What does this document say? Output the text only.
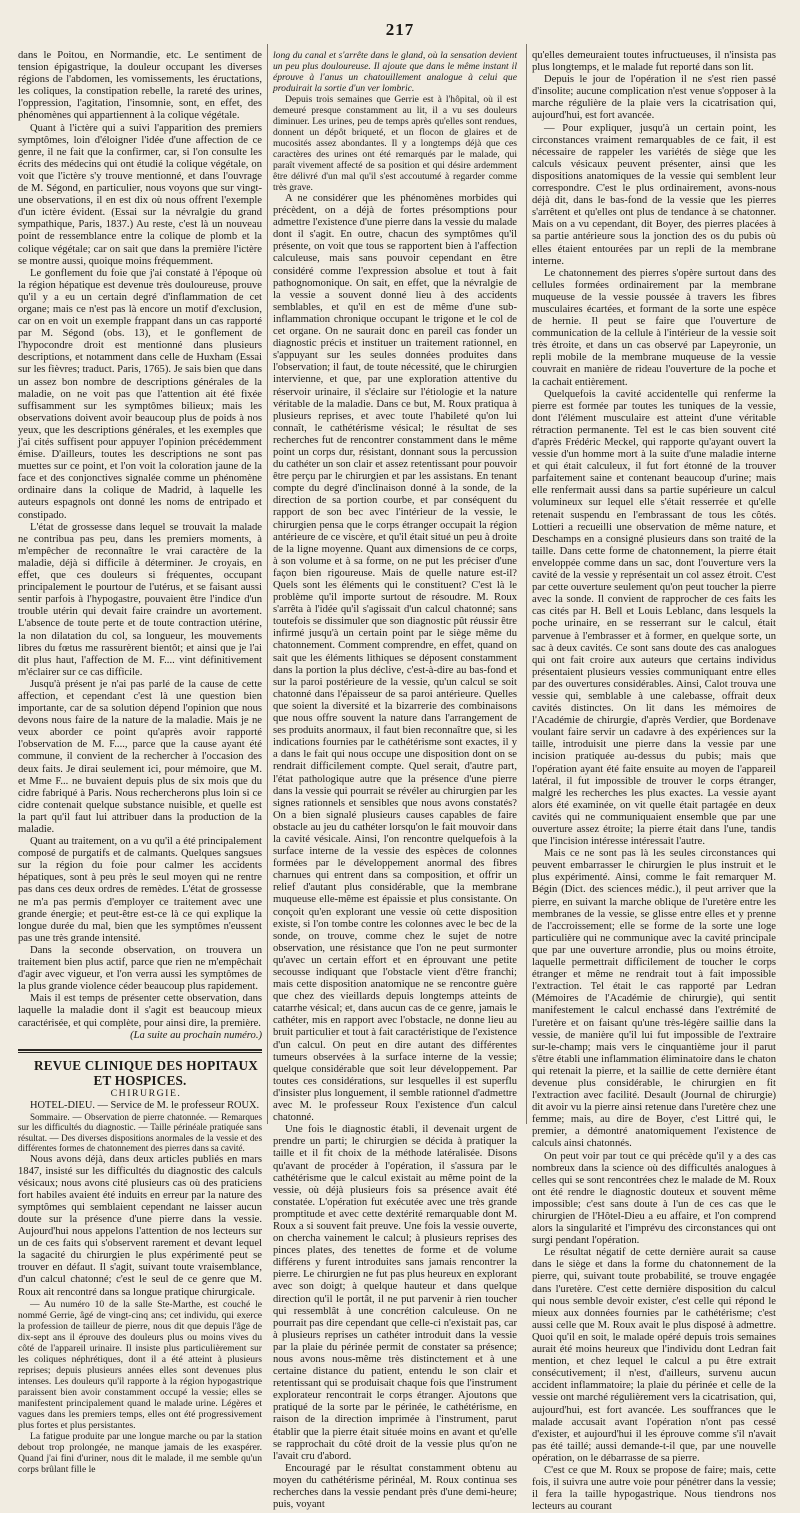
217

dans le Poitou, en Normandie, etc. Le sentiment de tension épigastrique, la douleur occupant les diverses régions de l'abdomen, les vomissements, les éructations, les coliques, la constipation rebelle, la rareté des urines, l'oppression, l'agitation, l'insomnie, sont, en effet, des phénomènes qui appartiennent à la colique végétale.

Quant à l'ictère qui a suivi l'apparition des premiers symptômes, loin d'éloigner l'idée d'une affection de ce genre, il ne fait que la confirmer, car, si l'on consulte les écrits des médecins qui ont étudié la colique végétale, on voit que l'ictère s'y trouve mentionné, et dans l'ouvrage de M. Ségond, en particulier, nous voyons que sur vingt-une observations, il en est dix où nous offrent l'exemple d'un ictère évident. (Essai sur la névralgie du grand sympathique, Paris, 1837.) Au reste, c'est là un nouveau point de ressemblance entre la colique de plomb et la colique végétale; car on sait que dans la première l'ictère se montre aussi, quoique moins fréquemment.

Le gonflement du foie que j'ai constaté à l'époque où la région hépatique est devenue très douloureuse, prouve qu'il y a eu un certain degré d'inflammation de cet organe; mais ce n'est pas là encore un motif d'exclusion, car on en voit un exemple frappant dans un cas rapporté par M. Ségond (obs. 13), et le gonflement de l'hypocondre droit est mentionné dans plusieurs descriptions, et notamment dans celle de Huxham (Essai sur les fièvres; traduct. Paris, 1765). Je sais bien que dans un assez bon nombre de descriptions générales de la maladie, on ne voit pas que l'attention ait été fixée suffisamment sur les symptômes bilieux; mais les observations doivent avoir beaucoup plus de poids à nos yeux, que les descriptions générales, et les exemples que j'ai cités suffisent pour appuyer l'opinion précédemment émise. D'ailleurs, toutes les descriptions ne sont pas muettes sur ce point, et l'on voit la coloration jaune de la face et des conjonctives signalée comme un phénomène ordinaire dans la colique de Madrid, à laquelle les auteurs espagnols ont donné les noms de entripado et constipado.

L'état de grossesse dans lequel se trouvait la malade ne contribua pas peu, dans les premiers moments, à m'empêcher de reconnaître le vrai caractère de la maladie, déjà si difficile à déterminer. Je croyais, en effet, que ces douleurs si fréquentes, occupant principalement le pourtour de l'utérus, et se faisant aussi sentir parfois à l'hypogastre, pouvaient être l'indice d'un trouble utérin qui devait faire craindre un avortement. L'absence de toute perte et de toute contraction utérine, la non dilatation du col, sa longueur, les mouvements libres du fœtus me rassurèrent bientôt; et ainsi que je l'ai dit plus haut, l'affection de M. F.... vint définitivement m'éclairer sur ce cas difficile.

Jusqu'à présent je n'ai pas parlé de la cause de cette affection, et cependant c'est là une question bien importante, car de sa solution dépend l'opinion que nous devons nous faire de la nature de la maladie. Mais je ne veux aborder ce point qu'après avoir rapporté l'observation de M. F...., parce que la cause ayant été commune, il convient de la rechercher à l'occasion des deux faits. Je dirai seulement ici, pour mémoire, que M. et Mme F... ne buvaient depuis plus de six mois que du cidre fabriqué à Paris. Nous rechercherons plus loin si ce cidre contenait quelque substance nuisible, et quelle est la part qu'il faut lui attribuer dans la production de la maladie.

Quant au traitement, on a vu qu'il a été principalement composé de purgatifs et de calmants. Quelques sangsues sur la région du foie pour calmer les accidents hépatiques, sont à peu près le seul moyen qui ne rentre pas dans ces deux ordres de remèdes. L'état de grossesse ne m'a pas permis d'employer ce traitement avec une grande énergie; et peut-être est-ce là ce qui explique la longue durée du mal, bien que les symptômes n'eussent pas une très grande intensité.

Dans la seconde observation, on trouvera un traitement bien plus actif, parce que rien ne m'empêchait d'agir avec vigueur, et l'on verra aussi les symptômes de la plus grande violence céder beaucoup plus rapidement.

Mais il est temps de présenter cette observation, dans laquelle la maladie dont il s'agit est beaucoup mieux caractérisée, et qui complète, pour ainsi dire, la première.

(La suite au prochain numéro.)

REVUE CLINIQUE DES HOPITAUX ET HOSPICES.

CHIRURGIE.

HOTEL-DIEU. — Service de M. le professeur ROUX.

Sommaire. — Observation de pierre chatonnée. — Remarques sur les difficultés du diagnostic. — Taille périnéale pratiquée sans résultat. — Des diverses dispositions anormales de la vessie et des différentes formes de chatonnement des pierres dans sa cavité.

Nous avons déjà, dans deux articles publiés en mars 1847, insisté sur les difficultés du diagnostic des calculs vésicaux; nous avons cité plusieurs cas où des praticiens fort habiles avaient été induits en erreur par la nature des symptômes qui semblaient cependant ne laisser aucun doute sur la présence d'une pierre dans la vessie. Aujourd'hui nous appelons l'attention de nos lecteurs sur un de ces faits qui s'observent rarement et devant lequel la sagacité du chirurgien le plus expérimenté peut se trouver en défaut. Il s'agit, suivant toute vraisemblance, d'un calcul chatonné; c'est le seul de ce genre que M. Roux ait rencontré dans sa longue pratique chirurgicale.

— Au numéro 10 de la salle Ste-Marthe, est couché le nommé Gerrie, âgé de vingt-cinq ans; cet individu, qui exerce la profession de tailleur de pierre, nous dit que depuis l'âge de dix-sept ans il éprouve des douleurs plus ou moins vives du côté de l'appareil urinaire. Il insiste plus particulièrement sur les coliques néphrétiques, dont il a été atteint à plusieurs reprises; depuis plusieurs années elles sont devenues plus intenses. Les douleurs qu'il rapporte à la région hypogastrique paraissent bien avoir constamment occupé la vessie; elles se manifestent principalement quand le malade urine. Légères et vagues dans les premiers temps, elles ont été progressivement plus fortes et plus persistantes.

La fatigue produite par une longue marche ou par la station debout trop prolongée, ne manque jamais de les exaspérer. Quand j'ai fini d'uriner, nous dit le malade, il me semble qu'un corps brûlant fille le

long du canal et s'arrête dans le gland, où la sensation devient un peu plus douloureuse. Il ajoute que dans le même instant il éprouve à l'anus un chatouillement analogue à celui que produirait la sortie d'un ver lombric.

Depuis trois semaines que Gerrie est à l'hôpital, où il est demeuré presque constamment au lit, il a vu ses douleurs diminuer. Les urines, peu de temps après qu'elles sont rendues, donnent un dépôt briqueté, et un flocon de glaires et de mucosités assez abondantes. Il y a longtemps déjà que ces caractères des urines ont été remarqués par le malade, qui paraît vivement affecté de sa position et qui désire ardemment être délivré d'un mal qu'il s'est accoutumé à regarder comme très grave.

A ne considérer que les phénomènes morbides qui précèdent, on a déjà de fortes présomptions pour admettre l'existence d'une pierre dans la vessie du malade dont il s'agit. En outre, chacun des symptômes qu'il présente, on voit que tous se rapportent bien à l'affection calculeuse, mais sans pouvoir cependant en être considéré comme l'expression absolue et tout à fait pathognomonique. On sait, en effet, que la névralgie de la vessie a souvent donné lieu à des accidents semblables, et qu'il en est de même d'une sub-inflammation chronique occupant le trigone et le col de cet organe. On ne saurait donc en pareil cas fonder un diagnostic précis et instituer un traitement rationnel, en s'appuyant sur les seules données produites dans l'observation; il faut, de toute nécessité, que le chirurgien intervienne, et que, par une exploration attentive du réservoir urinaire, il s'éclaire sur l'étiologie et la nature véritable de la maladie. Dans ce but, M. Roux pratiqua à plusieurs reprises, et avec toute l'habileté qu'on lui connaît, le cathétérisme vésical; le résultat de ses recherches fut de rencontrer constamment dans le même point un corps dur, résistant, donnant sous la percussion du cathéter un son clair et assez retentissant pour pouvoir être perçu par le chirurgien et par les assistans. En tenant compte du degré d'inclinaison donné à la sonde, de la direction de sa portion courbe, et par conséquent du rapport de son bec avec l'intérieur de la vessie, le chirurgien pensa que le corps étranger occupait la région antérieure de ce viscère, et qu'il était situé un peu à droite de la ligne moyenne. Quant aux dimensions de ce corps, à son volume et à sa forme, on ne put les préciser d'une façon bien rigoureuse. Mais de quelle nature est-il? Quels sont les éléments qui le constituent? C'est là le problème qu'il importe surtout de résoudre. M. Roux s'arrêta à l'idée qu'il s'agissait d'un calcul chatonné; sans toutefois se dissimuler que son diagnostic pût réussir être infirmé jusqu'à un certain point par le siège même du chatonnement. Comment comprendre, en effet, quand on sait que les éléments lithiques se déposent constamment dans la portion la plus déclive, c'est-à-dire au bas-fond et sur la paroi postérieure de la vessie, qu'un calcul se soit chatonné dans l'épaisseur de sa paroi antérieure. Quelles que soient la diversité et la bizarrerie des combinaisons que nous offre souvent la nature dans l'arrangement de ses produits anormaux, il faut bien reconnaître que, si les indications fournies par le cathétérisme sont exactes, il y a dans le fait qui nous occupe une disposition dont on se rendrait difficilement compte. Quel serait, d'autre part, l'état pathologique autre que la présence d'une pierre dans la vessie qui pourrait se révéler au chirurgien par les signes rationnels et sensibles que nous avons constatés? On a bien signalé plusieurs causes capables de faire obstacle au jeu du cathéter lorsqu'on le fait mouvoir dans la cavité vésicale. Ainsi, l'on rencontre quelquefois à la surface interne de la vessie des espèces de colonnes formées par le développement anormal des fibres charnues qui entrent dans sa composition, et offrir un relief d'autant plus considérable, que la membrane muqueuse elle-même est épaissie et plus consistante. On conçoit qu'en explorant une vessie où cette disposition existe, si l'on tombe contre les colonnes avec le bec de la sonde, on trouve, comme chez le sujet de notre observation, une résistance que l'on ne peut surmonter qu'avec un certain effort et en éprouvant une petite secousse indiquant que l'obstacle vient d'être franchi; mais cette disposition anatomique ne se rencontre guère que chez des vieillards depuis longtemps atteints de catarrhe vésical; et, dans aucun cas de ce genre, jamais le cathéter, mis en rapport avec l'obstacle, ne donne lieu au bruit particulier et tout à fait caractéristique de l'existence d'un calcul. On peut en dire autant des différentes tumeurs observées à la surface interne de la vessie; quelque considérable que soit leur développement. Par toutes ces considérations, sur lesquelles il est superflu d'insister plus longuement, il semble rationnel d'admettre avec M. le professeur Roux l'existence d'un calcul chatonné.

Une fois le diagnostic établi, il devenait urgent de prendre un parti; le chirurgien se décida à pratiquer la taille et il fit choix de la méthode latéralisée. Disons qu'avant de procéder à l'opération, il s'assura par le cathétérisme que le calcul existait au même point de la vessie, où déjà plusieurs fois sa présence avait été constatée. L'opération fut exécutée avec une très grande promptitude et avec cette dextérité remarquable dont M. Roux a si souvent fait preuve. Une fois la vessie ouverte, on chercha vainement le calcul; à plusieurs reprises des pinces plates, des tenettes de forme et de volume différens y furent introduites sans jamais rencontrer la pierre. Le chirurgien ne fut pas plus heureux en explorant avec son doigt; à quelque hauteur et dans quelque direction qu'il le portât, il ne put parvenir à rien toucher qui ressemblât à une concrétion calculeuse. On ne pourrait pas dire cependant que celle-ci n'existait pas, car à plusieurs reprises un cathéter introduit dans la vessie par la plaie du périnée permit de constater sa présence; nous avons nous-même très distinctement et à une certaine distance du patient, entendu le son clair et retentissant qui se produisait chaque fois que l'instrument explorateur rencontrait le corps étranger. Ajoutons que pratiqué de la sorte par le périnée, le cathétérisme, en raison de la direction imprimée à l'instrument, parut établir que la pierre était située moins en avant et qu'elle se rapprochait du côté droit de la vessie plus qu'on ne l'avait cru d'abord.

Encouragé par le résultat constamment obtenu au moyen du cathétérisme périnéal, M. Roux continua ses recherches dans la vessie pendant près d'une demi-heure; puis, voyant

qu'elles demeuraient toutes infructueuses, il n'insista pas plus longtemps, et le malade fut reporté dans son lit.

Depuis le jour de l'opération il ne s'est rien passé d'insolite; aucune complication n'est venue s'opposer à la marche régulière de la plaie vers la cicatrisation qui, aujourd'hui, est fort avancée.

— Pour expliquer, jusqu'à un certain point, les circonstances vraiment remarquables de ce fait, il est nécessaire de rappeler les variétés de siège que les calculs vésicaux peuvent présenter, ainsi que les dispositions anatomiques de la vessie qui semblent leur correspondre. C'est le plus ordinairement, avons-nous déjà dit, dans le bas-fond de la vessie que les pierres s'arrêtent et qu'elles ont plus de tendance à se chatonner. Mais on a vu cependant, dit Boyer, des pierres placées à sa partie antérieure sous la jonction des os du pubis où elles étaient entourées par un repli de la membrane interne.

Le chatonnement des pierres s'opère surtout dans des cellules formées ordinairement par la membrane muqueuse de la vessie poussée à travers les fibres musculaires écartées, et formant de la sorte une espèce de hernie. Il peut se faire que l'ouverture de communication de la cellule à l'intérieur de la vessie soit très étroite, et dans un cas observé par Lapeyronie, un repli mobile de la membrane muqueuse de la vessie couvrait en manière de rideau l'ouverture de la poche et la cachait entièrement.

Quelquefois la cavité accidentelle qui renferme la pierre est formée par toutes les tuniques de la vessie, dont l'élément musculaire est atteint d'une véritable rétraction permanente. Tel est le cas bien souvent cité d'après Frédéric Meckel, qui rapporte qu'ayant ouvert la vessie d'un homme mort à la suite d'une maladie interne et qui était calculeux, il fut fort étonné de la trouver parfaitement saine et contenant beaucoup d'urine; mais elle renfermait aussi dans sa partie supérieure un calcul volumineux sur lequel elle s'était resserrée et qu'elle retenait suspendu en l'embrassant de tous les côtés. Lottieri a recueilli une observation de même nature, et Deschamps en a consigné plusieurs dans son traité de la taille. Dans cette forme de chatonnement, la pierre était enveloppée comme dans un sac, dont l'ouverture vers la cavité de la vessie y représentait un col assez étroit. C'est par cette ouverture seulement qu'on peut toucher la pierre avec la sonde. Il convient de rapprocher de ces faits les cas cités par H. Bell et Louis Leblanc, dans lesquels la poche urinaire, en se resserrant sur le calcul, était parvenue à l'embrasser et à former, en quelque sorte, un sac à deux cavités. Ce sont sans doute des cas analogues qui ont fait croire aux auteurs que certains individus présentaient plusieurs vessies communiquant entre elles par des ouvertures considérables. Ainsi, Calot trouva une vessie qui, semblable à une calebasse, offrait deux cavités distinctes. On lit dans les mémoires de l'Académie de chirurgie, d'après Verdier, que Bordenave voulant faire servir un cadavre à des expériences sur la taille, introduisit une pierre dans la vessie par une incision pratiquée au-dessus du pubis; mais que l'opération ayant été faite ensuite au moyen de l'appareil latéral, il fut impossible de trouver le corps étranger, malgré les recherches les plus exactes. La vessie ayant alors été examinée, on vit quelle était partagée en deux cavités qui ne communiquaient ensemble que par une ouverture assez étroite; la pierre était dans l'une, tandis que l'incision intéresse intéressait l'autre.

Mais ce ne sont pas là les seules circonstances qui peuvent embarrasser le chirurgien le plus instruit et le plus expérimenté. Ainsi, comme le fait remarquer M. Bégin (Dict. des sciences médic.), il peut arriver que la pierre, en suivant la marche oblique de l'uretère entre les membranes de la vessie, se glisse entre elles et y prenne de l'accroissement; elle se forme de la sorte une loge particulière qui ne communique avec la cavité principale que par une ouverture arrondie, plus ou moins étroite, laquelle permettrait difficilement de toucher le corps étranger et même ne rendrait tout à fait impossible l'extraction. Tel était le cas rapporté par Ledran (Mémoires de l'Académie de chirurgie), qui sentit manifestement le calcul enchassé dans l'extrémité de l'uretère et on faisant qu'une très-légère saillie dans la vessie, de manière qu'il lui fut impossible de l'extraire sur-le-champ; mais vers le cinquantième jour il parut s'être établi une inflammation éliminatoire dans le chaton qui retenait la pierre, et la saillie de cette dernière étant devenue plus considérable, le chirurgien en fit l'extraction avec facilité. Desault (Journal de chirurgie) dit avoir vu la pierre ainsi retenue dans l'uretère chez une femme; mais, au dire de Boyer, c'est Littré qui, le premier, a démontré anatomiquement l'existence de calculs ainsi chatonnés.

On peut voir par tout ce qui précède qu'il y a des cas nombreux dans la science où des difficultés analogues à celles qui se sont rencontrées chez le malade de M. Roux ont été rendre le diagnostic douteux et souvent même impossible; c'est sans doute à l'un de ces cas que le chirurgien de l'Hôtel-Dieu a eu affaire, et l'on comprend alors la singularité et l'imprévu des circonstances qui ont surgi pendant l'opération.

Le résultat négatif de cette dernière aurait sa cause dans le siège et dans la forme du chatonnement de la pierre, qui, suivant toute probabilité, se trouve engagée dans l'uretère. C'est cette dernière disposition du calcul qui nous semble devoir exister, c'est celle qui répond le mieux aux données fournies par le cathétérisme; c'est aussi celle que M. Roux avait le plus disposé à admettre. Quoi qu'il en soit, le malade opéré depuis trois semaines aurait été moins heureux que l'individu dont Ledran fait mention, et chez lequel le calcul a pu être extrait consécutivement; il n'est, d'ailleurs, survenu aucun accident inflammatoire; la plaie du périnée et celle de la vessie ont marché régulièrement vers la cicatrisation, qui, aujourd'hui, est fort avancée. Les souffrances que le malade accusait avant l'opération n'ont pas cessé d'exister, et aujourd'hui il les éprouve comme s'il n'avait pas été taillé; aussi demande-t-il que, par une nouvelle opération, on le débarrasse de sa pierre.

C'est ce que M. Roux se propose de faire; mais, cette fois, il suivra une autre voie pour pénétrer dans la vessie; il fera la taille hypogastrique. Nous tiendrons nos lecteurs au courant
